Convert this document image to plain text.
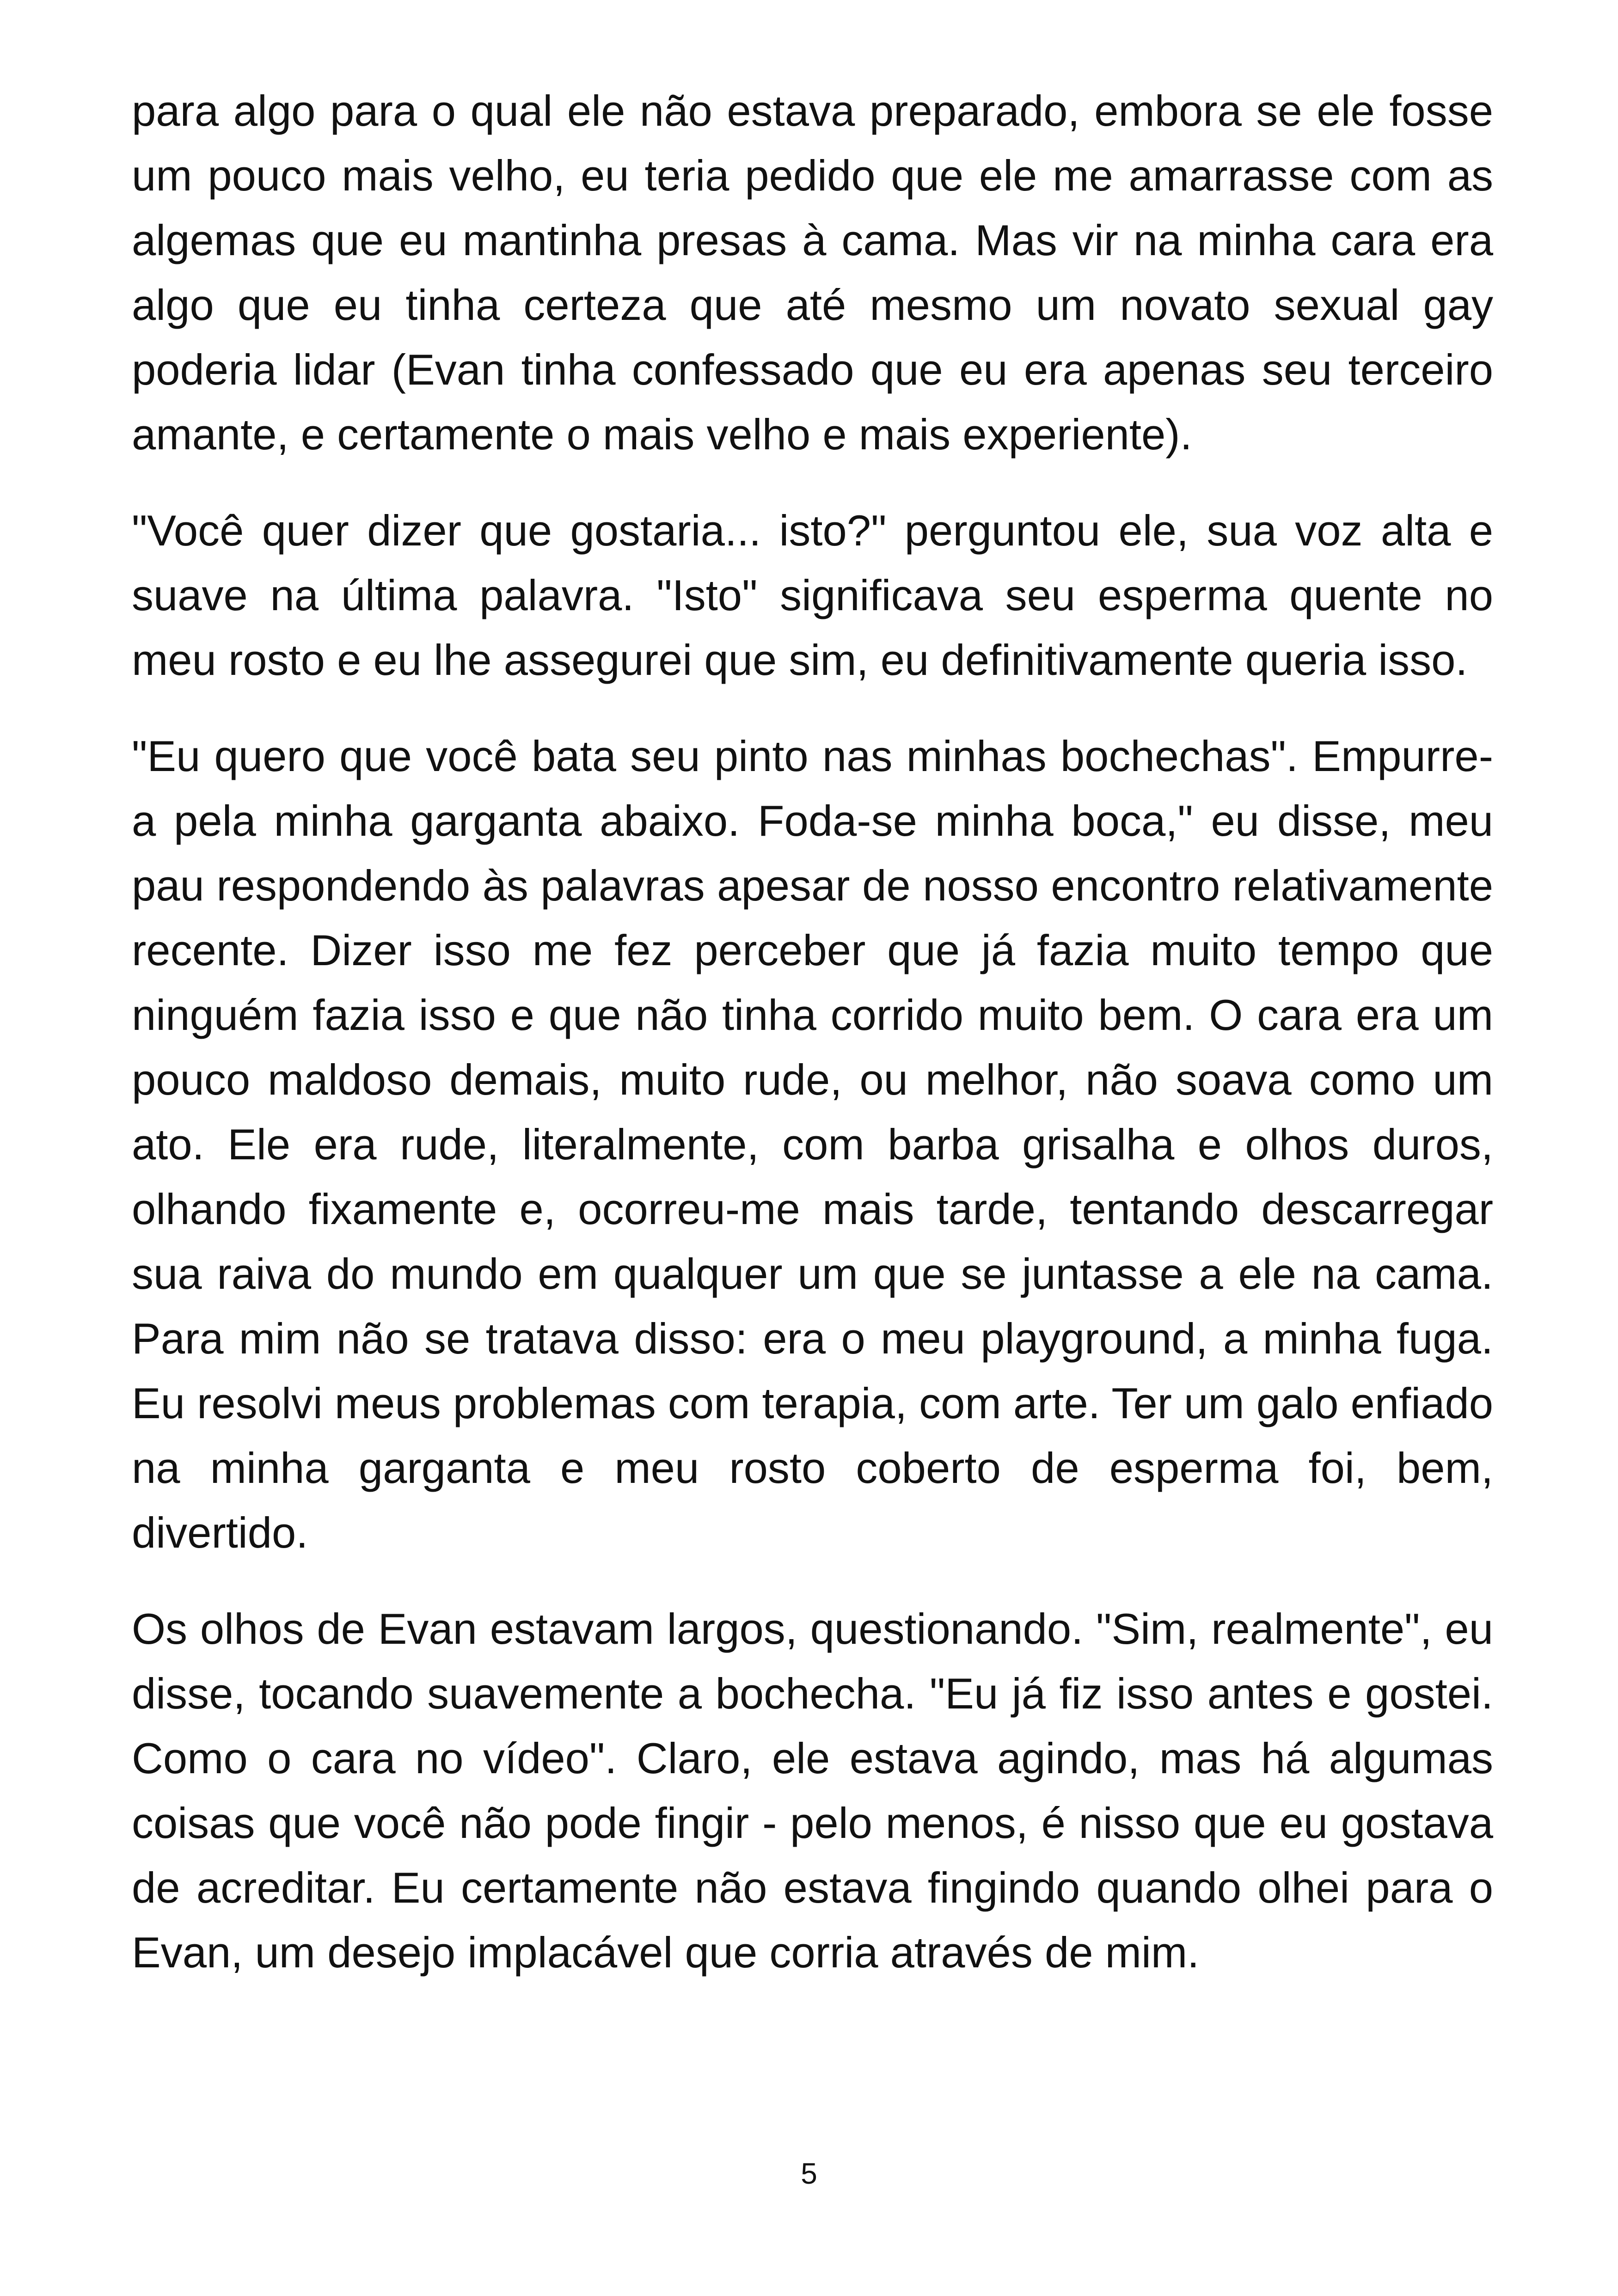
para algo para o qual ele não estava preparado, embora se ele fosse um pouco mais velho, eu teria pedido que ele me amarrasse com as algemas que eu mantinha presas à cama. Mas vir na minha cara era algo que eu tinha certeza que até mesmo um novato sexual gay poderia lidar (Evan tinha confessado que eu era apenas seu terceiro amante, e certamente o mais velho e mais experiente).

"Você quer dizer que gostaria... isto?" perguntou ele, sua voz alta e suave na última palavra. "Isto" significava seu esperma quente no meu rosto e eu lhe assegurei que sim, eu definitivamente queria isso.

"Eu quero que você bata seu pinto nas minhas bochechas". Empurre-a pela minha garganta abaixo. Foda-se minha boca," eu disse, meu pau respondendo às palavras apesar de nosso encontro relativamente recente. Dizer isso me fez perceber que já fazia muito tempo que ninguém fazia isso e que não tinha corrido muito bem. O cara era um pouco maldoso demais, muito rude, ou melhor, não soava como um ato. Ele era rude, literalmente, com barba grisalha e olhos duros, olhando fixamente e, ocorreu-me mais tarde, tentando descarregar sua raiva do mundo em qualquer um que se juntasse a ele na cama. Para mim não se tratava disso: era o meu playground, a minha fuga. Eu resolvi meus problemas com terapia, com arte. Ter um galo enfiado na minha garganta e meu rosto coberto de esperma foi, bem, divertido.

Os olhos de Evan estavam largos, questionando. "Sim, realmente", eu disse, tocando suavemente a bochecha. "Eu já fiz isso antes e gostei. Como o cara no vídeo". Claro, ele estava agindo, mas há algumas coisas que você não pode fingir - pelo menos, é nisso que eu gostava de acreditar. Eu certamente não estava fingindo quando olhei para o Evan, um desejo implacável que corria através de mim.

5
